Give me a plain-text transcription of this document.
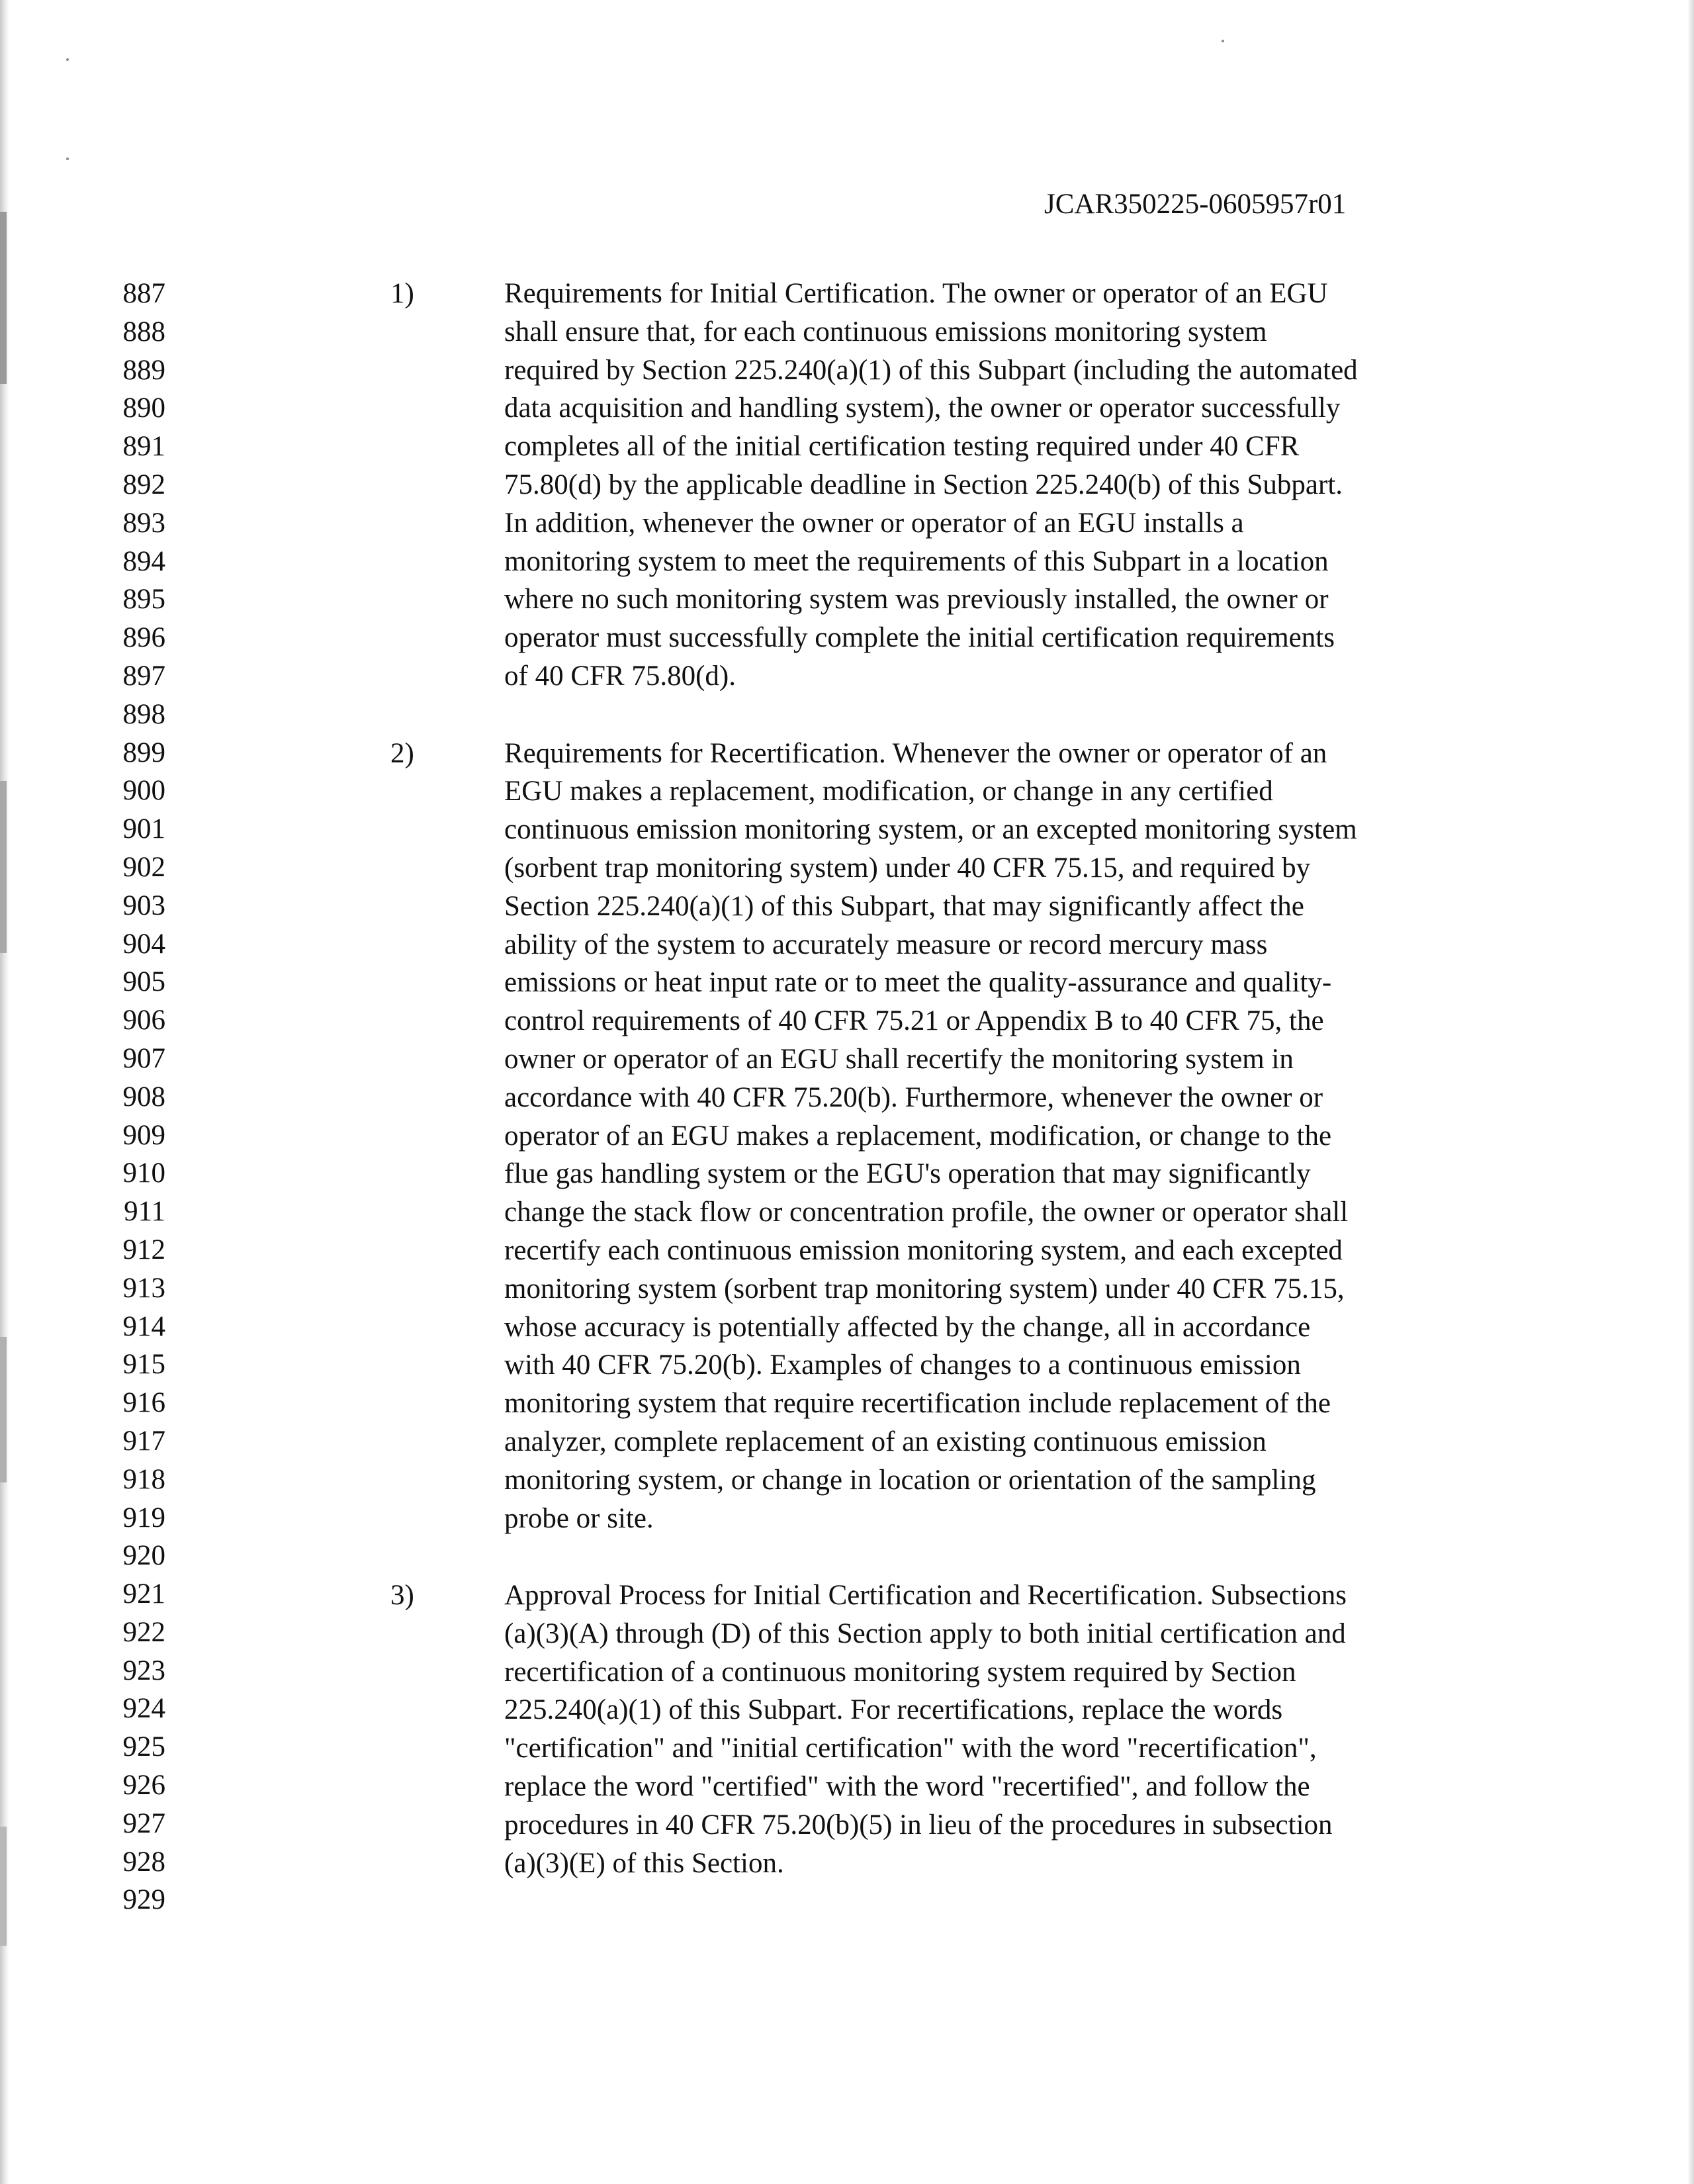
JCAR350225-0605957r01
887
888
889
890
891
892
893
894
895
896
897
898
899
900
901
902
903
904
905
906
907
908
909
910
911
912
913
914
915
916
917
918
919
920
921
922
923
924
925
926
927
928
929
1)	Requirements for Initial Certification. The owner or operator of an EGU
shall ensure that, for each continuous emissions monitoring system
required by Section 225.240(a)(1) of this Subpart (including the automated
data acquisition and handling system), the owner or operator successfully
completes all of the initial certification testing required under 40 CFR
75.80(d) by the applicable deadline in Section 225.240(b) of this Subpart.
In addition, whenever the owner or operator of an EGU installs a
monitoring system to meet the requirements of this Subpart in a location
where no such monitoring system was previously installed, the owner or
operator must successfully complete the initial certification requirements
of 40 CFR 75.80(d).
2)	Requirements for Recertification. Whenever the owner or operator of an
EGU makes a replacement, modification, or change in any certified
continuous emission monitoring system, or an excepted monitoring system
(sorbent trap monitoring system) under 40 CFR 75.15, and required by
Section 225.240(a)(1) of this Subpart, that may significantly affect the
ability of the system to accurately measure or record mercury mass
emissions or heat input rate or to meet the quality-assurance and quality-
control requirements of 40 CFR 75.21 or Appendix B to 40 CFR 75, the
owner or operator of an EGU shall recertify the monitoring system in
accordance with 40 CFR 75.20(b). Furthermore, whenever the owner or
operator of an EGU makes a replacement, modification, or change to the
flue gas handling system or the EGU's operation that may significantly
change the stack flow or concentration profile, the owner or operator shall
recertify each continuous emission monitoring system, and each excepted
monitoring system (sorbent trap monitoring system) under 40 CFR 75.15,
whose accuracy is potentially affected by the change, all in accordance
with 40 CFR 75.20(b). Examples of changes to a continuous emission
monitoring system that require recertification include replacement of the
analyzer, complete replacement of an existing continuous emission
monitoring system, or change in location or orientation of the sampling
probe or site.
3)	Approval Process for Initial Certification and Recertification. Subsections
(a)(3)(A) through (D) of this Section apply to both initial certification and
recertification of a continuous monitoring system required by Section
225.240(a)(1) of this Subpart. For recertifications, replace the words
"certification" and "initial certification" with the word "recertification",
replace the word "certified" with the word "recertified", and follow the
procedures in 40 CFR 75.20(b)(5) in lieu of the procedures in subsection
(a)(3)(E) of this Section.
